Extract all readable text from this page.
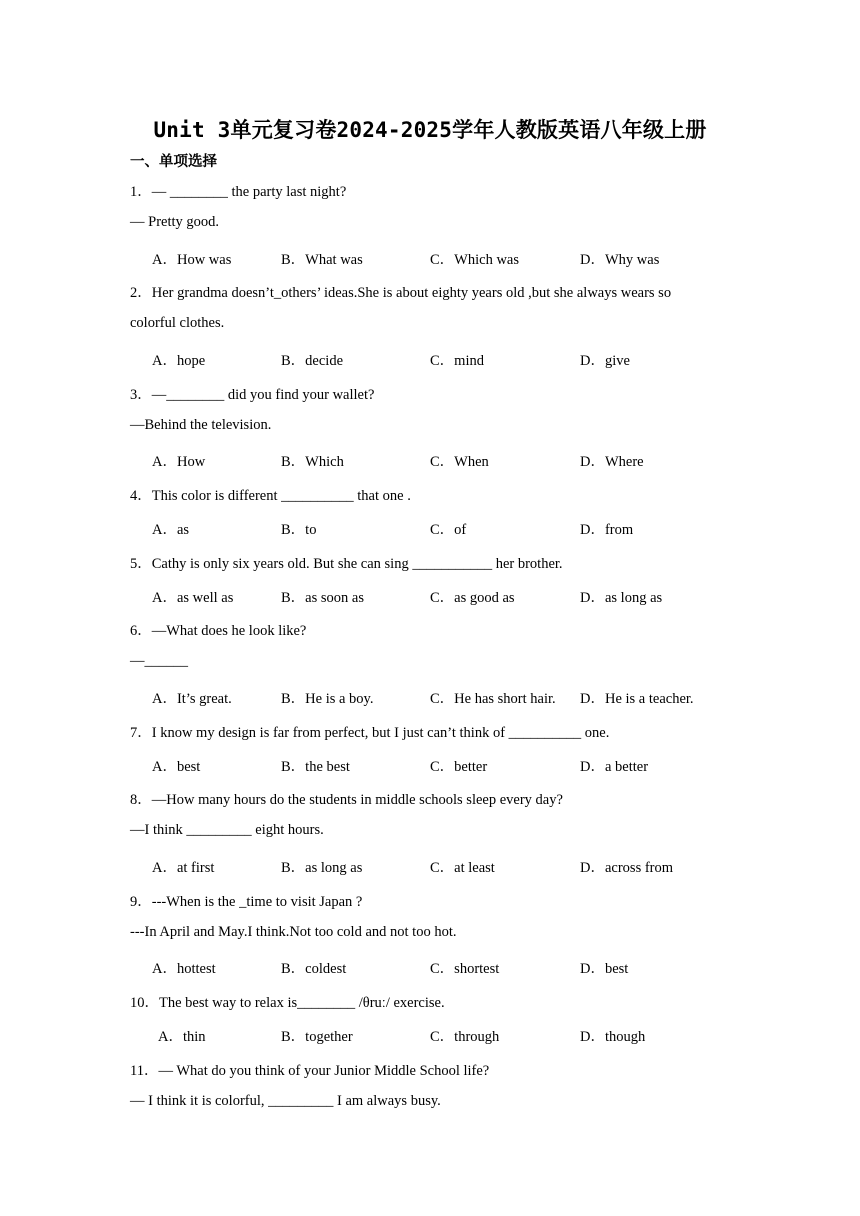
Unit 3单元复习卷2024-2025学年人教版英语八年级上册
一、单项选择
1．— ________ the party last night?
— Pretty good.
A．How was	B．What was	C．Which was	D．Why was
2．Her grandma doesn’t_others’ ideas.She is about eighty years old ,but she always wears so
colorful clothes.
A．hope	B．decide	C．mind	D．give
3．—________ did you find your wallet?
—Behind the television.
A．How	B．Which	C．When	D．Where
4．This color is different __________ that one .
A．as	B．to	C．of	D．from
5．Cathy is only six years old. But she can sing ___________ her brother.
A．as well as	B．as soon as	C．as good as	D．as long as
6．—What does he look like?
—______
A．It’s great.	B．He is a boy.	C．He has short hair. D．He is a teacher.
7．I know my design is far from perfect, but I just can’t think of __________ one.
A．best	B．the best	C．better	D．a better
8．—How many hours do the students in middle schools sleep every day?
—I think _________ eight hours.
A．at first	B．as long as	C．at least	D．across from
9．---When is the _time to visit Japan ?
---In April and May.I think.Not too cold and not too hot.
A．hottest	B．coldest	C．shortest	D．best
10．The best way to relax is________ /θruː/ exercise.
A．thin	B．together	C．through	D．though
11．— What do you think of your Junior Middle School life?
— I think it is colorful, _________ I am always busy.
